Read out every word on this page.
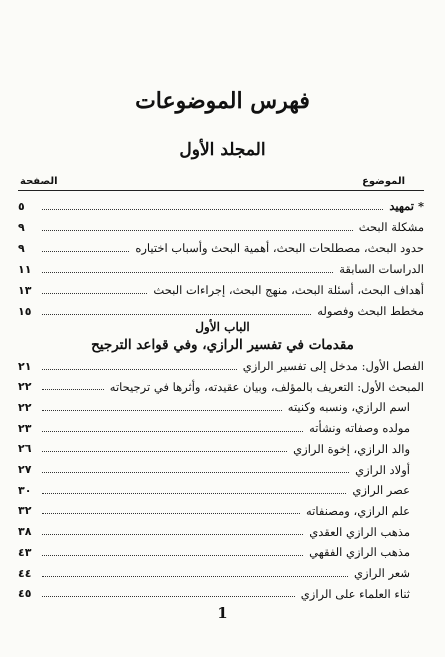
فهرس الموضوعات
المجلد الأول
الموضوع
الصفحة
* تمهيد
٥
مشكلة البحث
٩
حدود البحث، مصطلحات البحث، أهمية البحث وأسباب اختياره
٩
الدراسات السابقة
١١
أهداف البحث، أسئلة البحث، منهج البحث، إجراءات البحث
١٣
مخطط البحث وفصوله
١٥
الباب الأول
مقدمات في تفسير الرازي، وفي قواعد الترجيح
الفصل الأول: مدخل إلى تفسير الرازي
٢١
المبحث الأول: التعريف بالمؤلف، وبيان عقيدته، وأثرها في ترجيحاته
٢٢
اسم الرازي، ونسبه وكنيته
٢٢
مولده وصفاته ونشأته
٢٣
والد الرازي، إخوة الرازي
٢٦
أولاد الرازي
٢٧
عصر الرازي
٣٠
علم الرازي، ومصنفاته
٣٢
مذهب الرازي العقدي
٣٨
مذهب الرازي الفقهي
٤٣
شعر الرازي
٤٤
ثناء العلماء على الرازي
٤٥
1
